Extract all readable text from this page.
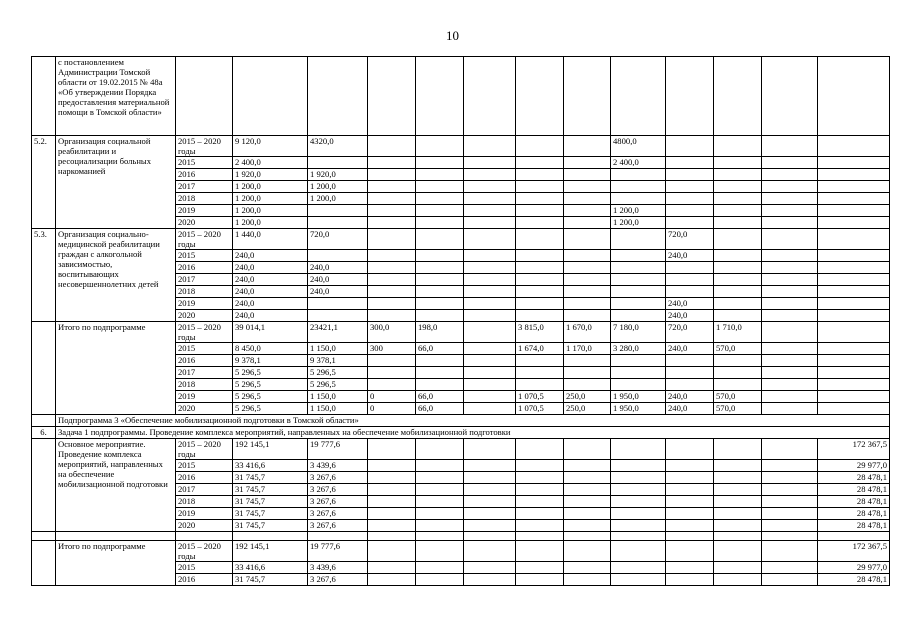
10
	с постановлением Администрации Томской области от 19.02.2015 № 48а «Об утверждении Порядка предоставления материальной помощи в Томской области»													
5.2.	Организация социальной реабилитации и ресоциализации больных наркоманией	2015 – 2020 годы	9 120,0	4320,0						4800,0				
		2015	2 400,0							2 400,0				
		2016	1 920,0	1 920,0										
		2017	1 200,0	1 200,0										
		2018	1 200,0	1 200,0										
		2019	1 200,0							1 200,0				
		2020	1 200,0							1 200,0				
5.3.	Организация социально-медицинской реабилитации граждан с алкогольной зависимостью, воспитывающих несовершеннолетних детей	2015 – 2020 годы	1 440,0	720,0							720,0			
		2015	240,0								240,0			
		2016	240,0	240,0										
		2017	240,0	240,0										
		2018	240,0	240,0										
		2019	240,0								240,0			
		2020	240,0								240,0			
	Итого по подпрограмме	2015 – 2020 годы	39 014,1	23421,1	300,0	198,0		3 815,0	1 670,0	7 180,0	720,0	1 710,0		
		2015	8 450,0	1 150,0	300	66,0		1 674,0	1 170,0	3 280,0	240,0	570,0		
		2016	9 378,1	9 378,1										
		2017	5 296,5	5 296,5										
		2018	5 296,5	5 296,5										
		2019	5 296,5	1 150,0	0	66,0		1 070,5	250,0	1 950,0	240,0	570,0		
		2020	5 296,5	1 150,0	0	66,0		1 070,5	250,0	1 950,0	240,0	570,0		
	Подпрограмма 3 «Обеспечение мобилизационной подготовки в Томской области»													
6.	Задача 1 подпрограммы. Проведение комплекса мероприятий, направленных на обеспечение мобилизационной подготовки													
	Основное мероприятие. Проведение комплекса мероприятий, направленных на обеспечение мобилизационной подготовки	2015 – 2020 годы	192 145,1	19 777,6										172 367,5
		2015	33 416,6	3 439,6										29 977,0
		2016	31 745,7	3 267,6										28 478,1
		2017	31 745,7	3 267,6										28 478,1
		2018	31 745,7	3 267,6										28 478,1
		2019	31 745,7	3 267,6										28 478,1
		2020	31 745,7	3 267,6										28 478,1

	Итого по подпрограмме	2015 – 2020 годы	192 145,1	19 777,6										172 367,5
		2015	33 416,6	3 439,6										29 977,0
		2016	31 745,7	3 267,6										28 478,1
